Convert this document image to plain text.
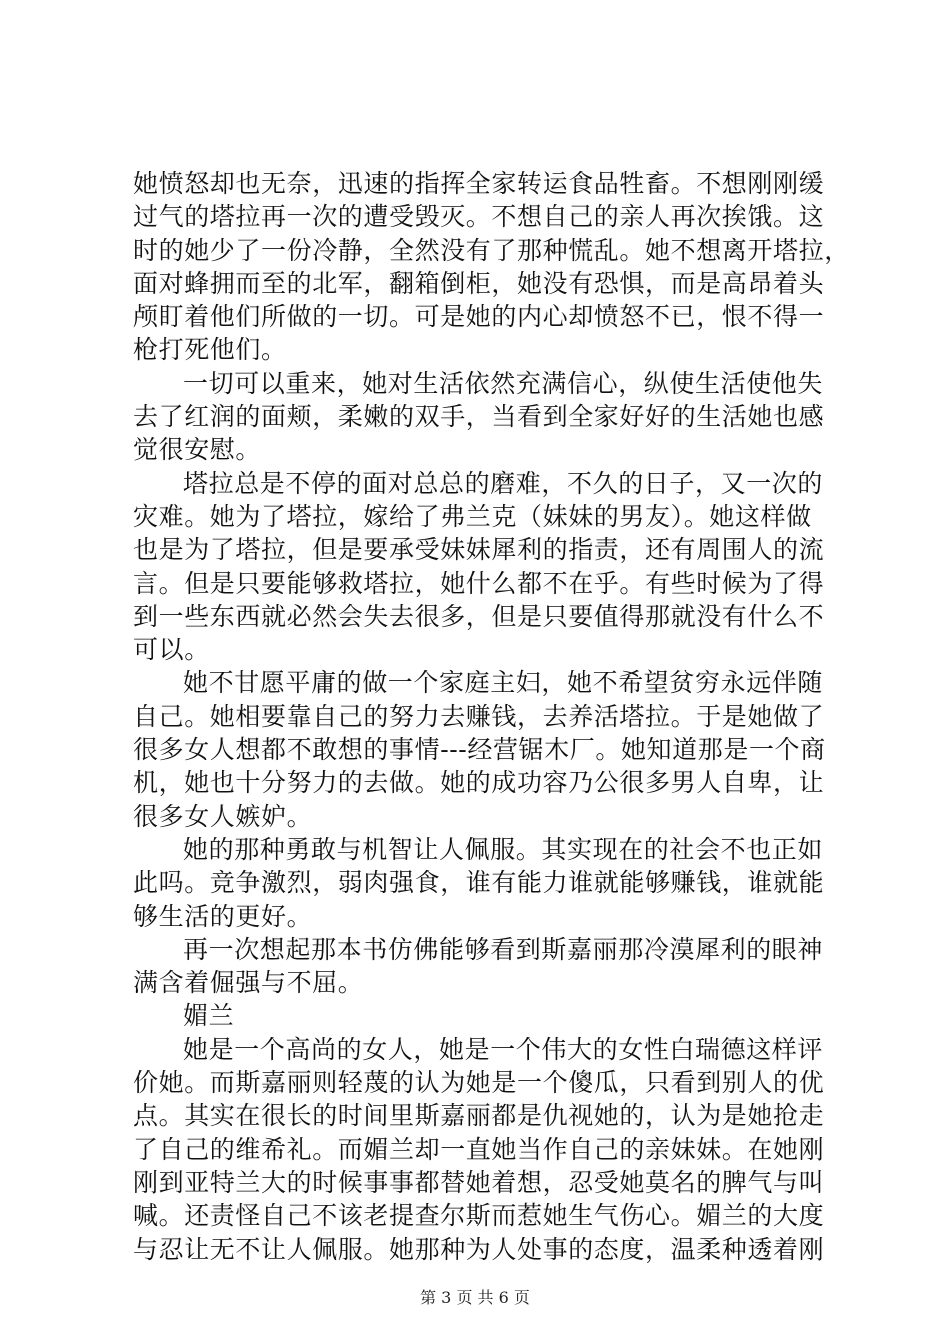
她愤怒却也无奈，迅速的指挥全家转运食品牲畜。不想刚刚缓
过气的塔拉再一次的遭受毁灭。不想自己的亲人再次挨饿。这
时的她少了一份冷静，全然没有了那种慌乱。她不想离开塔拉，
面对蜂拥而至的北军，翻箱倒柜，她没有恐惧，而是高昂着头
颅盯着他们所做的一切。可是她的内心却愤怒不已，恨不得一
枪打死他们。
一切可以重来，她对生活依然充满信心，纵使生活使他失
去了红润的面颊，柔嫩的双手，当看到全家好好的生活她也感
觉很安慰。
塔拉总是不停的面对总总的磨难，不久的日子，又一次的
灾难。她为了塔拉，嫁给了弗兰克（妹妹的男友）。她这样做
也是为了塔拉，但是要承受妹妹犀利的指责，还有周围人的流
言。但是只要能够救塔拉，她什么都不在乎。有些时候为了得
到一些东西就必然会失去很多，但是只要值得那就没有什么不
可以。
她不甘愿平庸的做一个家庭主妇，她不希望贫穷永远伴随
自己。她相要靠自己的努力去赚钱，去养活塔拉。于是她做了
很多女人想都不敢想的事情---经营锯木厂。她知道那是一个商
机，她也十分努力的去做。她的成功容乃公很多男人自卑，让
很多女人嫉妒。
她的那种勇敢与机智让人佩服。其实现在的社会不也正如
此吗。竞争激烈，弱肉强食，谁有能力谁就能够赚钱，谁就能
够生活的更好。
再一次想起那本书仿佛能够看到斯嘉丽那冷漠犀利的眼神
满含着倔强与不屈。
媚兰
她是一个高尚的女人，她是一个伟大的女性白瑞德这样评
价她。而斯嘉丽则轻蔑的认为她是一个傻瓜，只看到别人的优
点。其实在很长的时间里斯嘉丽都是仇视她的，认为是她抢走
了自己的维希礼。而媚兰却一直她当作自己的亲妹妹。在她刚
刚到亚特兰大的时候事事都替她着想，忍受她莫名的脾气与叫
喊。还责怪自己不该老提查尔斯而惹她生气伤心。媚兰的大度
与忍让无不让人佩服。她那种为人处事的态度，温柔种透着刚
第 3 页 共 6 页
